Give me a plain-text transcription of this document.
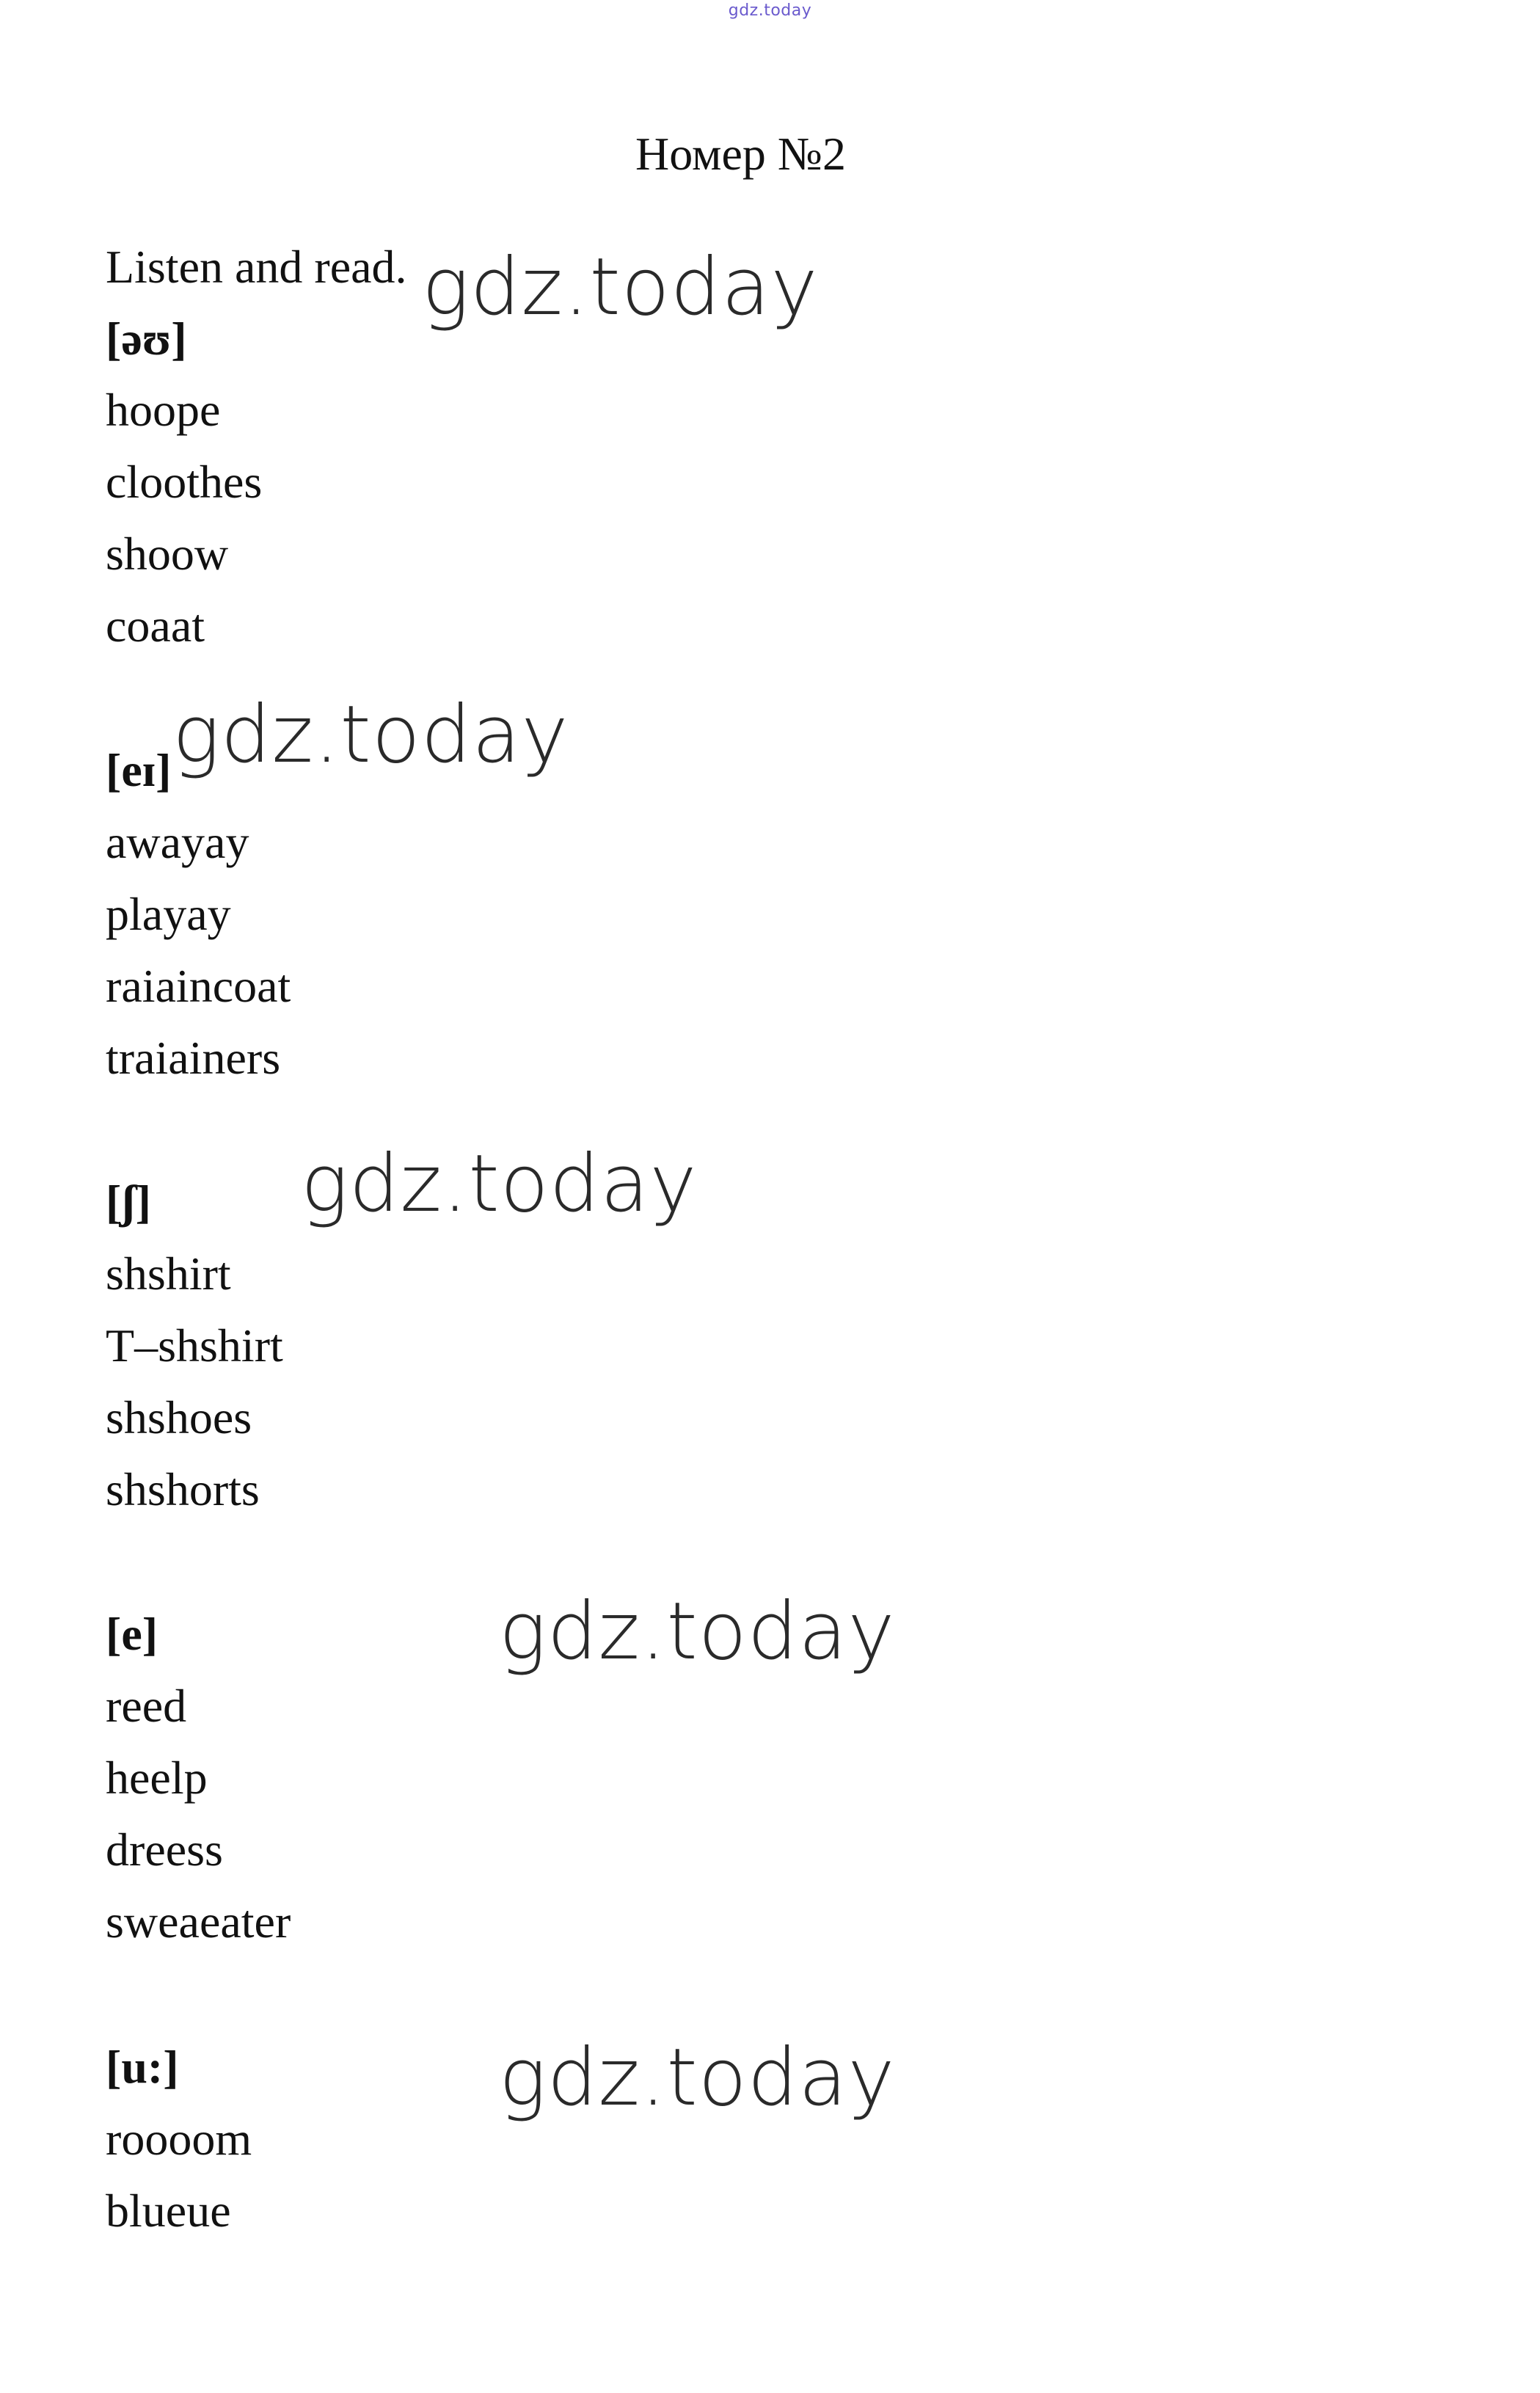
gdz.today
Номер №2
Listen and read. gdz.today
gdz.today
gdz.today
gdz.today
gdz.today
[əʊ]
hoope
cloothes
shoow
coaat
[eɪ]
awayay
playay
raiaincoat
traiainers
[ʃ]
shshirt
T–shshirt
shshoes
shshorts
[e]
reed
heelp
dreess
sweaeater
[u:]
roooom
blueue
